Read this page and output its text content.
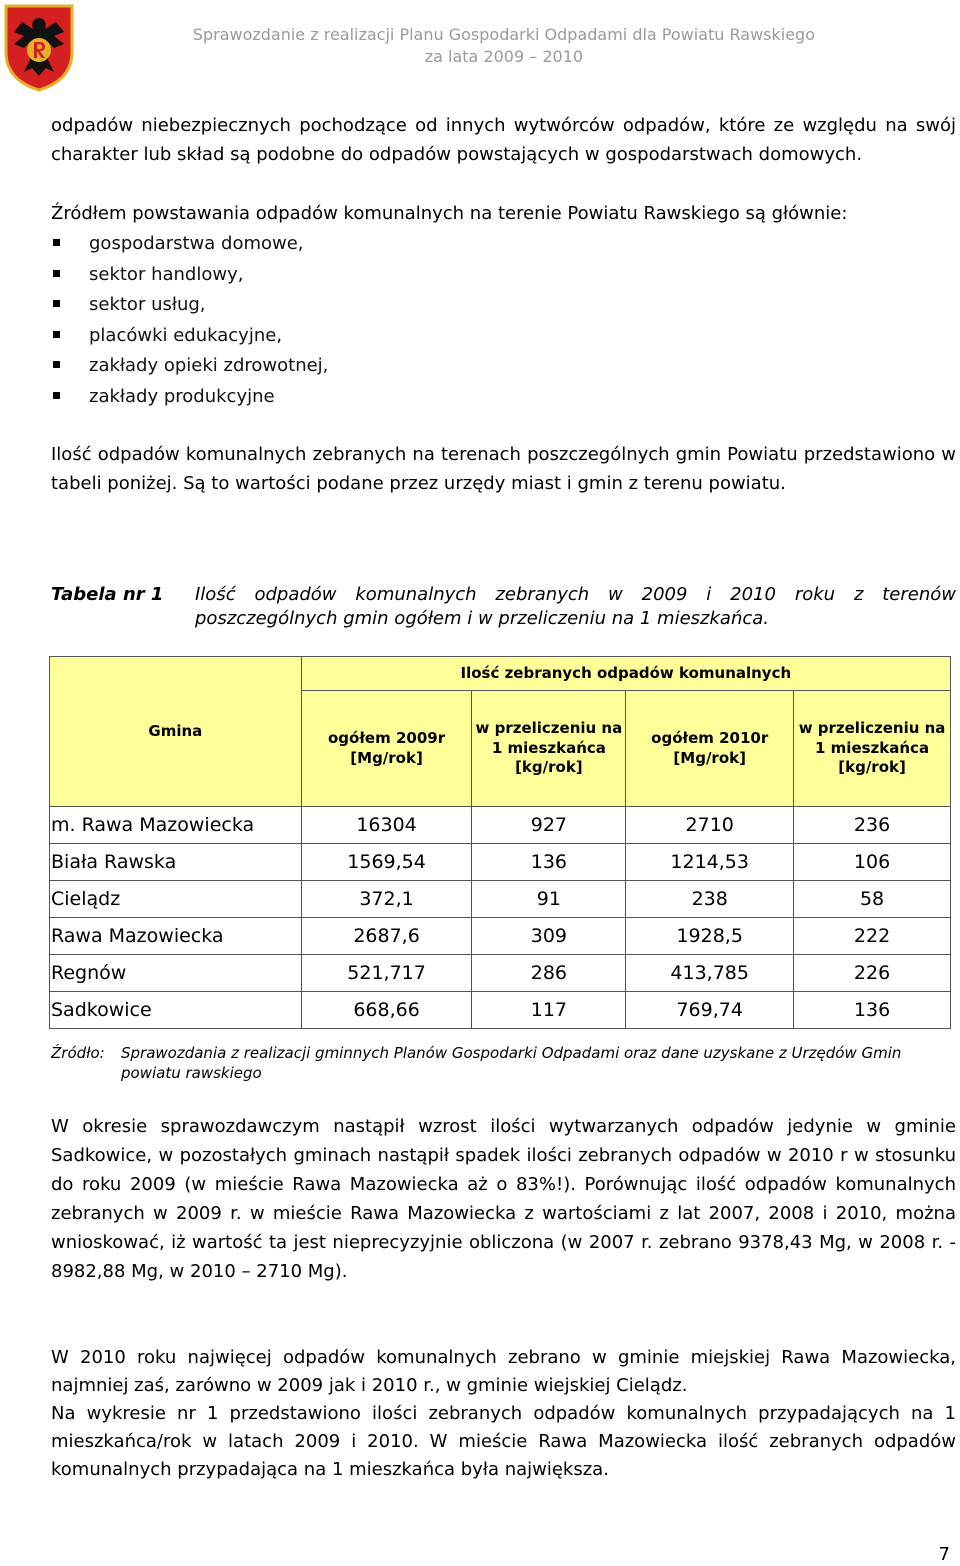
Sprawozdanie z realizacji Planu Gospodarki Odpadami dla Powiatu Rawskiego
za lata 2009 – 2010
odpadów niebezpiecznych pochodzące od innych wytwórców odpadów, które ze względu na swój charakter lub skład są podobne do odpadów powstających w gospodarstwach domowych.
Źródłem powstawania odpadów komunalnych na terenie Powiatu Rawskiego są głównie:
gospodarstwa domowe,
sektor handlowy,
sektor usług,
placówki edukacyjne,
zakłady opieki zdrowotnej,
zakłady produkcyjne
Ilość odpadów komunalnych zebranych na terenach poszczególnych gmin Powiatu przedstawiono w tabeli poniżej. Są to wartości podane przez urzędy miast i gmin z terenu powiatu.
Tabela nr 1 Ilość odpadów komunalnych zebranych w 2009 i 2010 roku z terenów poszczególnych gmin ogółem i w przeliczeniu na 1 mieszkańca.
Gmina	Ilość zebranych odpadów komunalnych			
	ogółem 2009r [Mg/rok]	w przeliczeniu na 1 mieszkańca [kg/rok]	ogółem 2010r [Mg/rok]	w przeliczeniu na 1 mieszkańca [kg/rok]
m. Rawa Mazowiecka	16304	927	2710	236
Biała Rawska	1569,54	136	1214,53	106
Cielądz	372,1	91	238	58
Rawa Mazowiecka	2687,6	309	1928,5	222
Regnów	521,717	286	413,785	226
Sadkowice	668,66	117	769,74	136
Źródło: Sprawozdania z realizacji gminnych Planów Gospodarki Odpadami oraz dane uzyskane z Urzędów Gmin powiatu rawskiego
W okresie sprawozdawczym nastąpił wzrost ilości wytwarzanych odpadów jedynie w gminie Sadkowice, w pozostałych gminach nastąpił spadek ilości zebranych odpadów w 2010 r w stosunku do roku 2009 (w mieście Rawa Mazowiecka aż o 83%!). Porównując ilość odpadów komunalnych zebranych w 2009 r. w mieście Rawa Mazowiecka z wartościami z lat 2007, 2008 i 2010, można wnioskować, iż wartość ta jest nieprecyzyjnie obliczona (w 2007 r. zebrano 9378,43 Mg, w 2008 r. - 8982,88 Mg, w 2010 – 2710 Mg).
W 2010 roku najwięcej odpadów komunalnych zebrano w gminie miejskiej Rawa Mazowiecka, najmniej zaś, zarówno w 2009 jak i 2010 r., w gminie wiejskiej Cielądz.
Na wykresie nr 1 przedstawiono ilości zebranych odpadów komunalnych przypadających na 1 mieszkańca/rok w latach 2009 i 2010. W mieście Rawa Mazowiecka ilość zebranych odpadów komunalnych przypadająca na 1 mieszkańca była największa.
7
